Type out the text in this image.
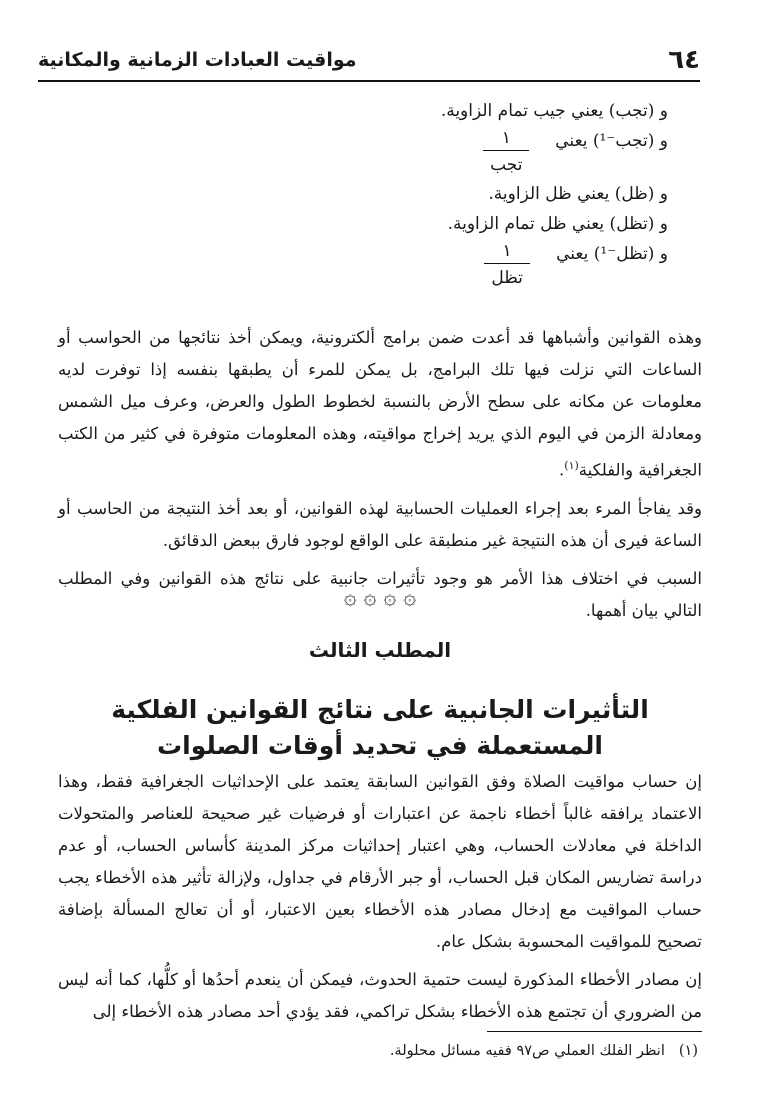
٦٤
مواقيت العبادات الزمانية والمكانية
و (تجب) يعني جيب تمام الزاوية.
و (تجب⁻¹) يعني
$\frac{١}{\text{تجب}}$
و (ظل) يعني ظل الزاوية.
و (تظل) يعني ظل تمام الزاوية.
و (تظل⁻¹) يعني
$\frac{١}{\text{تظل}}$

وهذه القوانين وأشباهها قد أعدت ضمن برامج ألكترونية، ويمكن أخذ نتائجها من الحواسب أو الساعات التي نزلت فيها تلك البرامج، بل يمكن للمرء أن يطبقها بنفسه إذا توفرت لديه معلومات عن مكانه على سطح الأرض بالنسبة لخطوط الطول والعرض، وعرف ميل الشمس ومعادلة الزمن في اليوم الذي يريد إخراج مواقيته، وهذه المعلومات متوفرة في كثير من الكتب الجغرافية والفلكية$^{(١)}$.

وقد يفاجأ المرء بعد إجراء العمليات الحسابية لهذه القوانين، أو بعد أخذ النتيجة من الحاسب أو الساعة فيرى أن هذه النتيجة غير منطبقة على الواقع لوجود فارق ببعض الدقائق.

السبب في اختلاف هذا الأمر هو وجود تأثيرات جانبية على نتائج هذه القوانين وفي المطلب التالي بيان أهمها.

۞ ۞ ۞ ۞
المطلب الثالث
التأثيرات الجانبية على نتائج القوانين الفلكية المستعملة في تحديد أوقات الصلوات

إن حساب مواقيت الصلاة وفق القوانين السابقة يعتمد على الإحداثيات الجغرافية فقط، وهذا الاعتماد يرافقه غالباً أخطاء ناجمة عن اعتبارات أو فرضيات غير صحيحة للعناصر والمتحولات الداخلة في معادلات الحساب، وهي اعتبار إحداثيات مركز المدينة كأساس الحساب، أو عدم دراسة تضاريس المكان قبل الحساب، أو جبر الأرقام في جداول، ولإزالة تأثير هذه الأخطاء يجب حساب المواقيت مع إدخال مصادر هذه الأخطاء بعين الاعتبار، أو أن تعالج المسألة بإضافة تصحيح للمواقيت المحسوبة بشكل عام.

إن مصادر الأخطاء المذكورة ليست حتمية الحدوث، فيمكن أن ينعدم أحدُها أو كلُّها، كما أنه ليس من الضروري أن تجتمع هذه الأخطاء بشكل تراكمي، فقد يؤدي أحد مصادر هذه الأخطاء إلى

(١)انظر الفلك العملي ص٩٧ ففيه مسائل محلولة.
